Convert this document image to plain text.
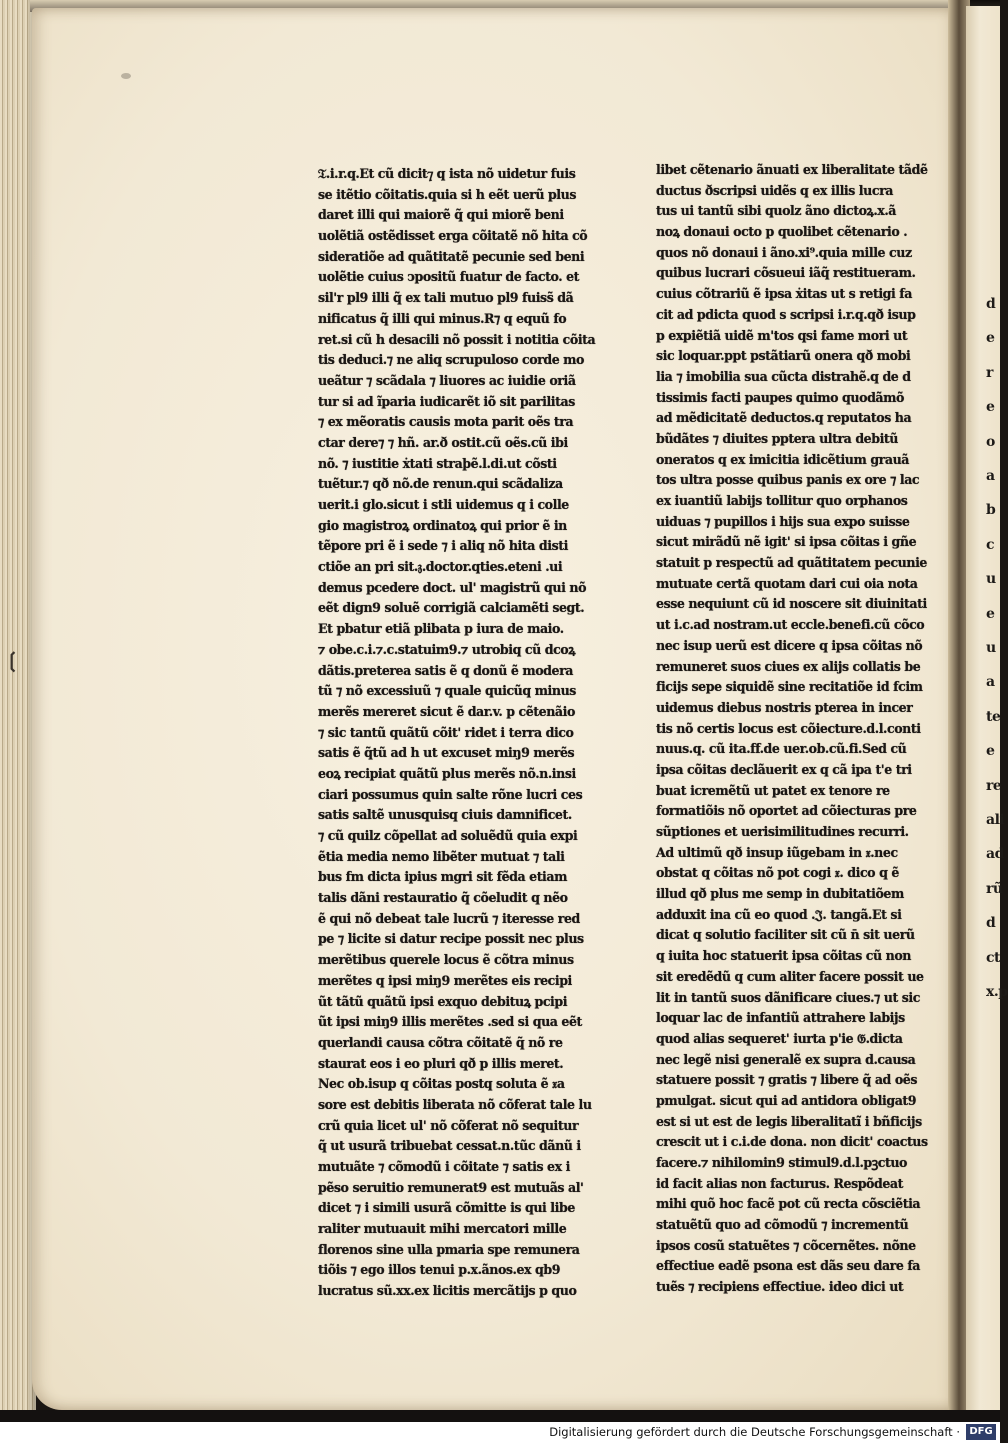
❲
𝔗.i.r.q.Et cũ dicit⁊ q ista nõ uidetur fuis
se itẽtio cõitatis.quia si h eẽt uerũ plus
daret illi qui maiorẽ q̃ qui miorẽ beni
uolẽtiã ostẽdisset erga cõitatẽ nõ hita cõ
sideratiõe ad quãtitatẽ pecunie sed beni
uolẽtie cuius ↄpositũ fuatur de facto. et
sil'r pl9 illi q̃ ex tali mutuo pl9 fuiss̃ dã
nificatus q̃ illi qui minus.R⁊ q equũ fo
ret.si cũ h desacili nõ possit i notitia cõita
tis deduci.⁊ ne aliq scrupuloso corde mo
ueãtur ⁊ scãdala ⁊ liuores ac iuidie oriã
tur si ad ĩparia iudicarẽt iõ sit parilitas
⁊ ex mẽoratis causis mota parit oẽs tra
ctar dere⁊ ⁊ hñ. ar.ð ostit.cũ oẽs.cũ ibi
nõ. ⁊ iustitie ẋtati straþẽ.l.di.ut cõsti
tuẽtur.⁊ qð nõ.de renun.qui scãdaliza
uerit.i glo.sicut i stli uidemus q i colle
gio magistroꝝ ordinatoꝝ qui prior ẽ in
tẽpore pri ẽ i sede ⁊ i aliq nõ hita disti
ctiõe an pri sit.𝔷.doctor.qties.eteni .ui
demus pcedere doct. ul' magistrũ qui nõ
eẽt dign9 soluẽ corrigiã calciamẽti segt.
Et pbatur etiã plibata p iura de maio.
⁊ obe.c.i.⁊.c.statuim9.⁊ utrobiq cũ dcoꝝ
dãtis.preterea satis ẽ q donũ ẽ modera
tũ ⁊ nõ excessiuũ ⁊ quale quicũq minus
merẽs mereret sicut ẽ dar.v. p cẽtenãio
⁊ sic tantũ quãtũ cõit' ridet i terra dico
satis ẽ q̃tũ ad h ut excuset miŋ9 merẽs
eoꝝ recipiat quãtũ plus merẽs nõ.n.insi
ciari possumus quin salte rõne lucri ces
satis saltẽ unusquisq ciuis damnificet.
⁊ cũ quilz cõpellat ad soluẽdũ quia expi
ẽtia media nemo libẽter mutuat ⁊ tali
bus fm dicta ipius mgri sit fẽda etiam
talis dãni restauratio q̃ cõeludit q nẽo
ẽ qui nõ debeat tale lucrũ ⁊ iteresse red
pe ⁊ licite si datur recipe possit nec plus
merẽtibus querele locus ẽ cõtra minus
merẽtes q ipsi miŋ9 merẽtes eis recipi
ũt tãtũ quãtũ ipsi exquo debituꝝ pcipi
ũt ipsi miŋ9 illis merẽtes .sed si qua eẽt
querlandi causa cõtra cõitatẽ q̃ nõ re
staurat eos i eo pluri qð p illis meret.
Nec ob.isup q cõitas postq soluta ẽ 𝔵a
sore est debitis liberata nõ cõferat tale lu
crũ quia licet ul' nõ cõferat nõ sequitur
q̃ ut usurã tribuebat cessat.n.tũc dãnũ i
mutuãte ⁊ cõmodũ i cõitate ⁊ satis ex i
pẽso seruitio remunerat9 est mutuãs al'
dicet ⁊ i simili usurã cõmitte is qui libe
raliter mutuauit mihi mercatori mille
florenos sine ulla pmaria spe remunera
tiõis ⁊ ego illos tenui p.x.ãnos.ex qb9
lucratus sũ.xx.ex licitis mercãtijs p quo
libet cẽtenario ãnuati ex liberalitate tãdẽ
ductus ðscripsi uidẽs q ex illis lucra
tus ui tantũ sibi quolz ãno dictoꝝ.x.ã
noꝝ donaui octo p quolibet cẽtenario .
quos nõ donaui i ãno.xi⁹.quia mille cuz
quibus lucrari cõsueui iãq̃ restitueram.
cuius cõtrariũ ẽ ipsa ẋitas ut s retigi fa
cit ad pdicta quod s scripsi i.r.q.qð isup
p expiẽtiã uidẽ m'tos qsi fame mori ut
sic loquar.ppt pstãtiarũ onera qð mobi
lia ⁊ imobilia sua cũcta distrahẽ.q de d
tissimis facti paupes quimo quodãmõ
ad mẽdicitatẽ deductos.q reputatos ha
bũdãtes ⁊ diuites pptera ultra debitũ
oneratos q ex imicitia idicẽtium grauã
tos ultra posse quibus panis ex ore ⁊ lac
ex iuantiũ labijs tollitur quo orphanos
uiduas ⁊ pupillos i hijs sua expo suisse
sicut mirãdũ nẽ igit' si ipsa cõitas i gñe
statuit p respectũ ad quãtitatem pecunie
mutuate certã quotam dari cui oia nota
esse nequiunt cũ id noscere sit diuinitati
ut i.c.ad nostram.ut eccle.benefi.cũ cõco
nec isup uerũ est dicere q ipsa cõitas nõ
remuneret suos ciues ex alijs collatis be
ficijs sepe siquidẽ sine recitatiõe id fcim
uidemus diebus nostris pterea in incer
tis nõ certis locus est cõiecture.d.l.conti
nuus.q. cũ ita.ff.de uer.ob.cũ.fi.Sed cũ
ipsa cõitas declãuerit ex q cã ipa t'e tri
buat icremẽtũ ut patet ex tenore re
formatiõis nõ oportet ad cõiecturas pre
sũptiones et uerisimilitudines recurri.
Ad ultimũ qð insup iũgebam in 𝔵.nec
obstat q cõitas nõ pot cogi 𝔵. dico q ẽ
illud qð plus me semp in dubitatiõem
adduxit ina cũ eo quod .𝔍. tangã.Et si
dicat q solutio faciliter sit cũ n̄ sit uerũ
q iuita hoc statuerit ipsa cõitas cũ non
sit eredẽdũ q cum aliter facere possit ue
lit in tantũ suos dãnificare ciues.⁊ ut sic
loquar lac de infantiũ attrahere labijs
quod alias sequeret' iurta p'ie 𝔊.dicta
nec legẽ nisi generalẽ ex supra d.causa
statuere possit ⁊ gratis ⁊ libere q̃ ad oẽs
pmulgat. sicut qui ad antidora obligat9
est si ut est de legis liberalitatĩ i bñficijs
crescit ut i c.i.de dona. non dicit' coactus
facere.⁊ nihilomin9 stimul9.d.l.pꝫctuo
id facit alias non facturus. Respõdeat
mihi quõ hoc facẽ pot cũ recta cõsciẽtia
statuẽtũ quo ad cõmodũ ⁊ incrementũ
ipsos cosũ statuẽtes ⁊ cõcernẽtes. nõne
effectiue eadẽ psona est dãs seu dare fa
tuẽs ⁊ recipiens effectiue. ideo dici ut
d
e
r
e
o
a
b
c
u
e
u
a
te
e
re
ali
ad
rũ
d
ct
x.p
Digitalisierung gefördert durch die Deutsche Forschungsgemeinschaft · DFG
